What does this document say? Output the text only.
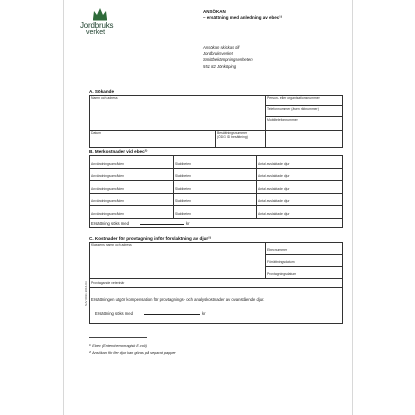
Jordbruks
verket
ANSÖKAN
– ersättning med anledning av ebec¹⁾
Ansökan skickas till
Jordbruksverket
Smittbekämpningsenheten
551 82 Jönköping
A. Sökande
Namn och adress	Person- eller organisationsnummer
Telefonnummer (även riktnummer)
Mobiltelefonnummer
Datum	Besättningsnummer
(ÖDG ID besättning)
B. Merkostnader vid ebec²⁾
Användningsområden	Slaktbeten	Antal avslaktade djur
Användningsområden	Slaktbeten	Antal avslaktade djur
Användningsområden	Slaktbeten	Antal avslaktade djur
Användningsområden	Slaktbeten	Antal avslaktade djur
Användningsområden	Slaktbeten	Antal avslaktade djur
Ersättning söks med	kr
C. Kostnader för provtagning inför förslaktning av djur²⁾
Klassens namn och adress
Ebecnummer
Förrättningsdatum
Provtagningsdatum
Provtagande veterinär
Ersättningen utgör kompensation för provtagnings- och analyskostnader av ovanstående djur.
Ersättning söks med	kr
SJV 0011 2016-03
¹⁾ Ebec (Enterohemorragisk E.coli)
²⁾ Ansökan för fler djur kan göras på separat papper
